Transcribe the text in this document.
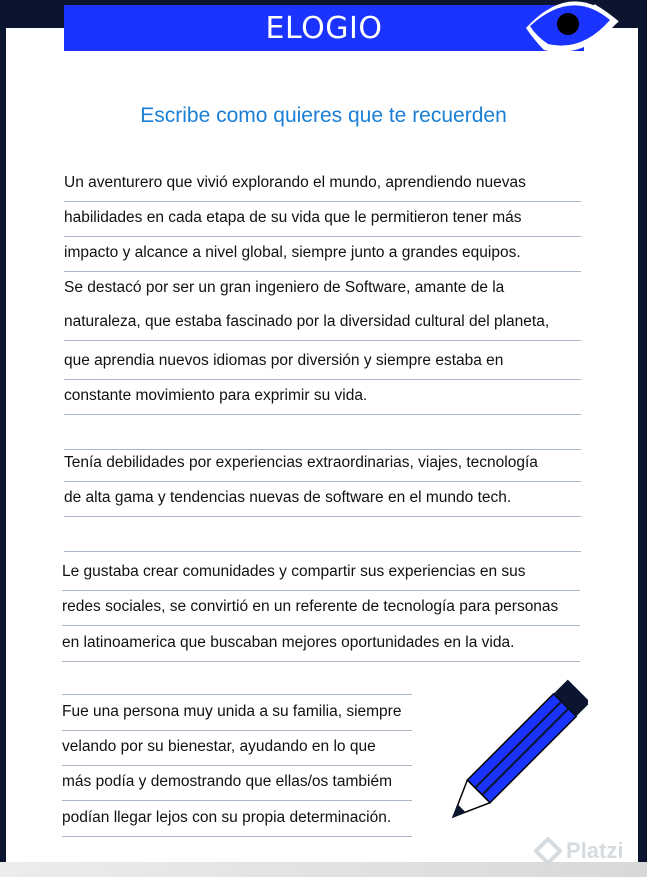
ELOGIO
Escribe como quieres que te recuerden
Un aventurero que vivió explorando el mundo, aprendiendo nuevas
habilidades en cada etapa de su vida que le permitieron tener más
impacto y alcance a nivel global, siempre junto a grandes equipos.
Se destacó por ser un gran ingeniero de Software, amante de la
naturaleza, que estaba fascinado por la diversidad cultural del planeta,
que aprendia nuevos idiomas por diversión y siempre estaba en
constante movimiento para exprimir su vida.
Tenía debilidades por experiencias extraordinarias, viajes, tecnología
de alta gama y tendencias nuevas de software en el mundo tech.
Le gustaba crear comunidades y compartir sus experiencias en sus
redes sociales, se convirtió en un referente de tecnología para personas
en latinoamerica que buscaban mejores oportunidades en la vida.
Fue una persona muy unida a su familia, siempre
velando por su bienestar, ayudando en lo que
más podía y demostrando que ellas/os tambiém
podían llegar lejos con su propia determinación.
Platzi
